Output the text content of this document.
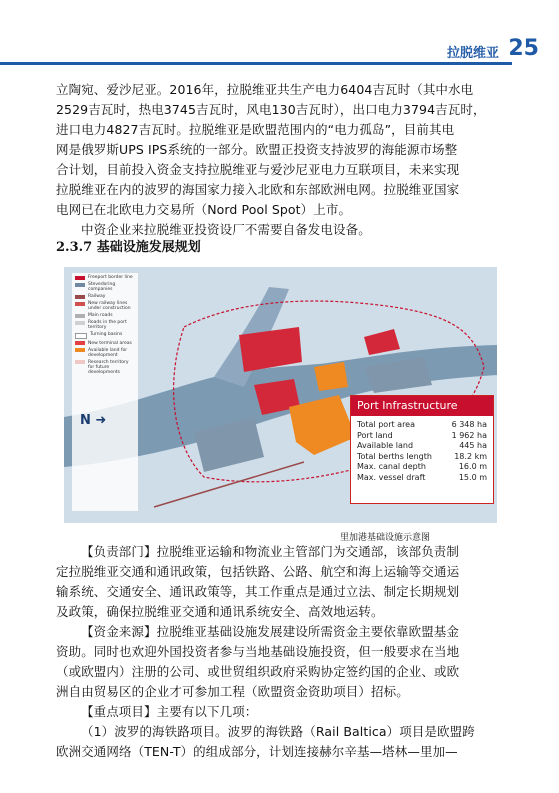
拉脱维亚 25

立陶宛、爱沙尼亚。2016年，拉脱维亚共生产电力6404吉瓦时（其中水电

2529吉瓦时，热电3745吉瓦时，风电130吉瓦时），出口电力3794吉瓦时，

进口电力4827吉瓦时。拉脱维亚是欧盟范围内的“电力孤岛”，目前其电

网是俄罗斯UPS IPS系统的一部分。欧盟正投资支持波罗的海能源市场整

合计划，目前投入资金支持拉脱维亚与爱沙尼亚电力互联项目，未来实现

拉脱维亚在内的波罗的海国家力接入北欧和东部欧洲电网。拉脱维亚国家

电网已在北欧电力交易所（Nord Pool Spot）上市。

中资企业来拉脱维亚投资设厂不需要自备发电设备。

2.3.7 基础设施发展规划
Freeport border line
Stevedoring companies
Railway
New railway lines under construction
Main roads
Roads in the port territory
Turning basins
New terminal areas
Available land for development
Research territory for future developments
N ➜
Port Infrastructure
Total port area	6 348 ha
Port land	1 962 ha
Available land	445 ha
Total berths length	18.2 km
Max. canal depth	16.0 m
Max. vessel draft	15.0 m
里加港基础设施示意图

【负责部门】拉脱维亚运输和物流业主管部门为交通部，该部负责制

定拉脱维亚交通和通讯政策，包括铁路、公路、航空和海上运输等交通运

输系统、交通安全、通讯政策等，其工作重点是通过立法、制定长期规划

及政策，确保拉脱维亚交通和通讯系统安全、高效地运转。

【资金来源】拉脱维亚基础设施发展建设所需资金主要依靠欧盟基金

资助。同时也欢迎外国投资者参与当地基础设施投资，但一般要求在当地

（或欧盟内）注册的公司、或世贸组织政府采购协定签约国的企业、或欧

洲自由贸易区的企业才可参加工程（欧盟资金资助项目）招标。

【重点项目】主要有以下几项：

（1）波罗的海铁路项目。波罗的海铁路（Rail Baltica）项目是欧盟跨

欧洲交通网络（TEN-T）的组成部分，计划连接赫尔辛基—塔林—里加—
